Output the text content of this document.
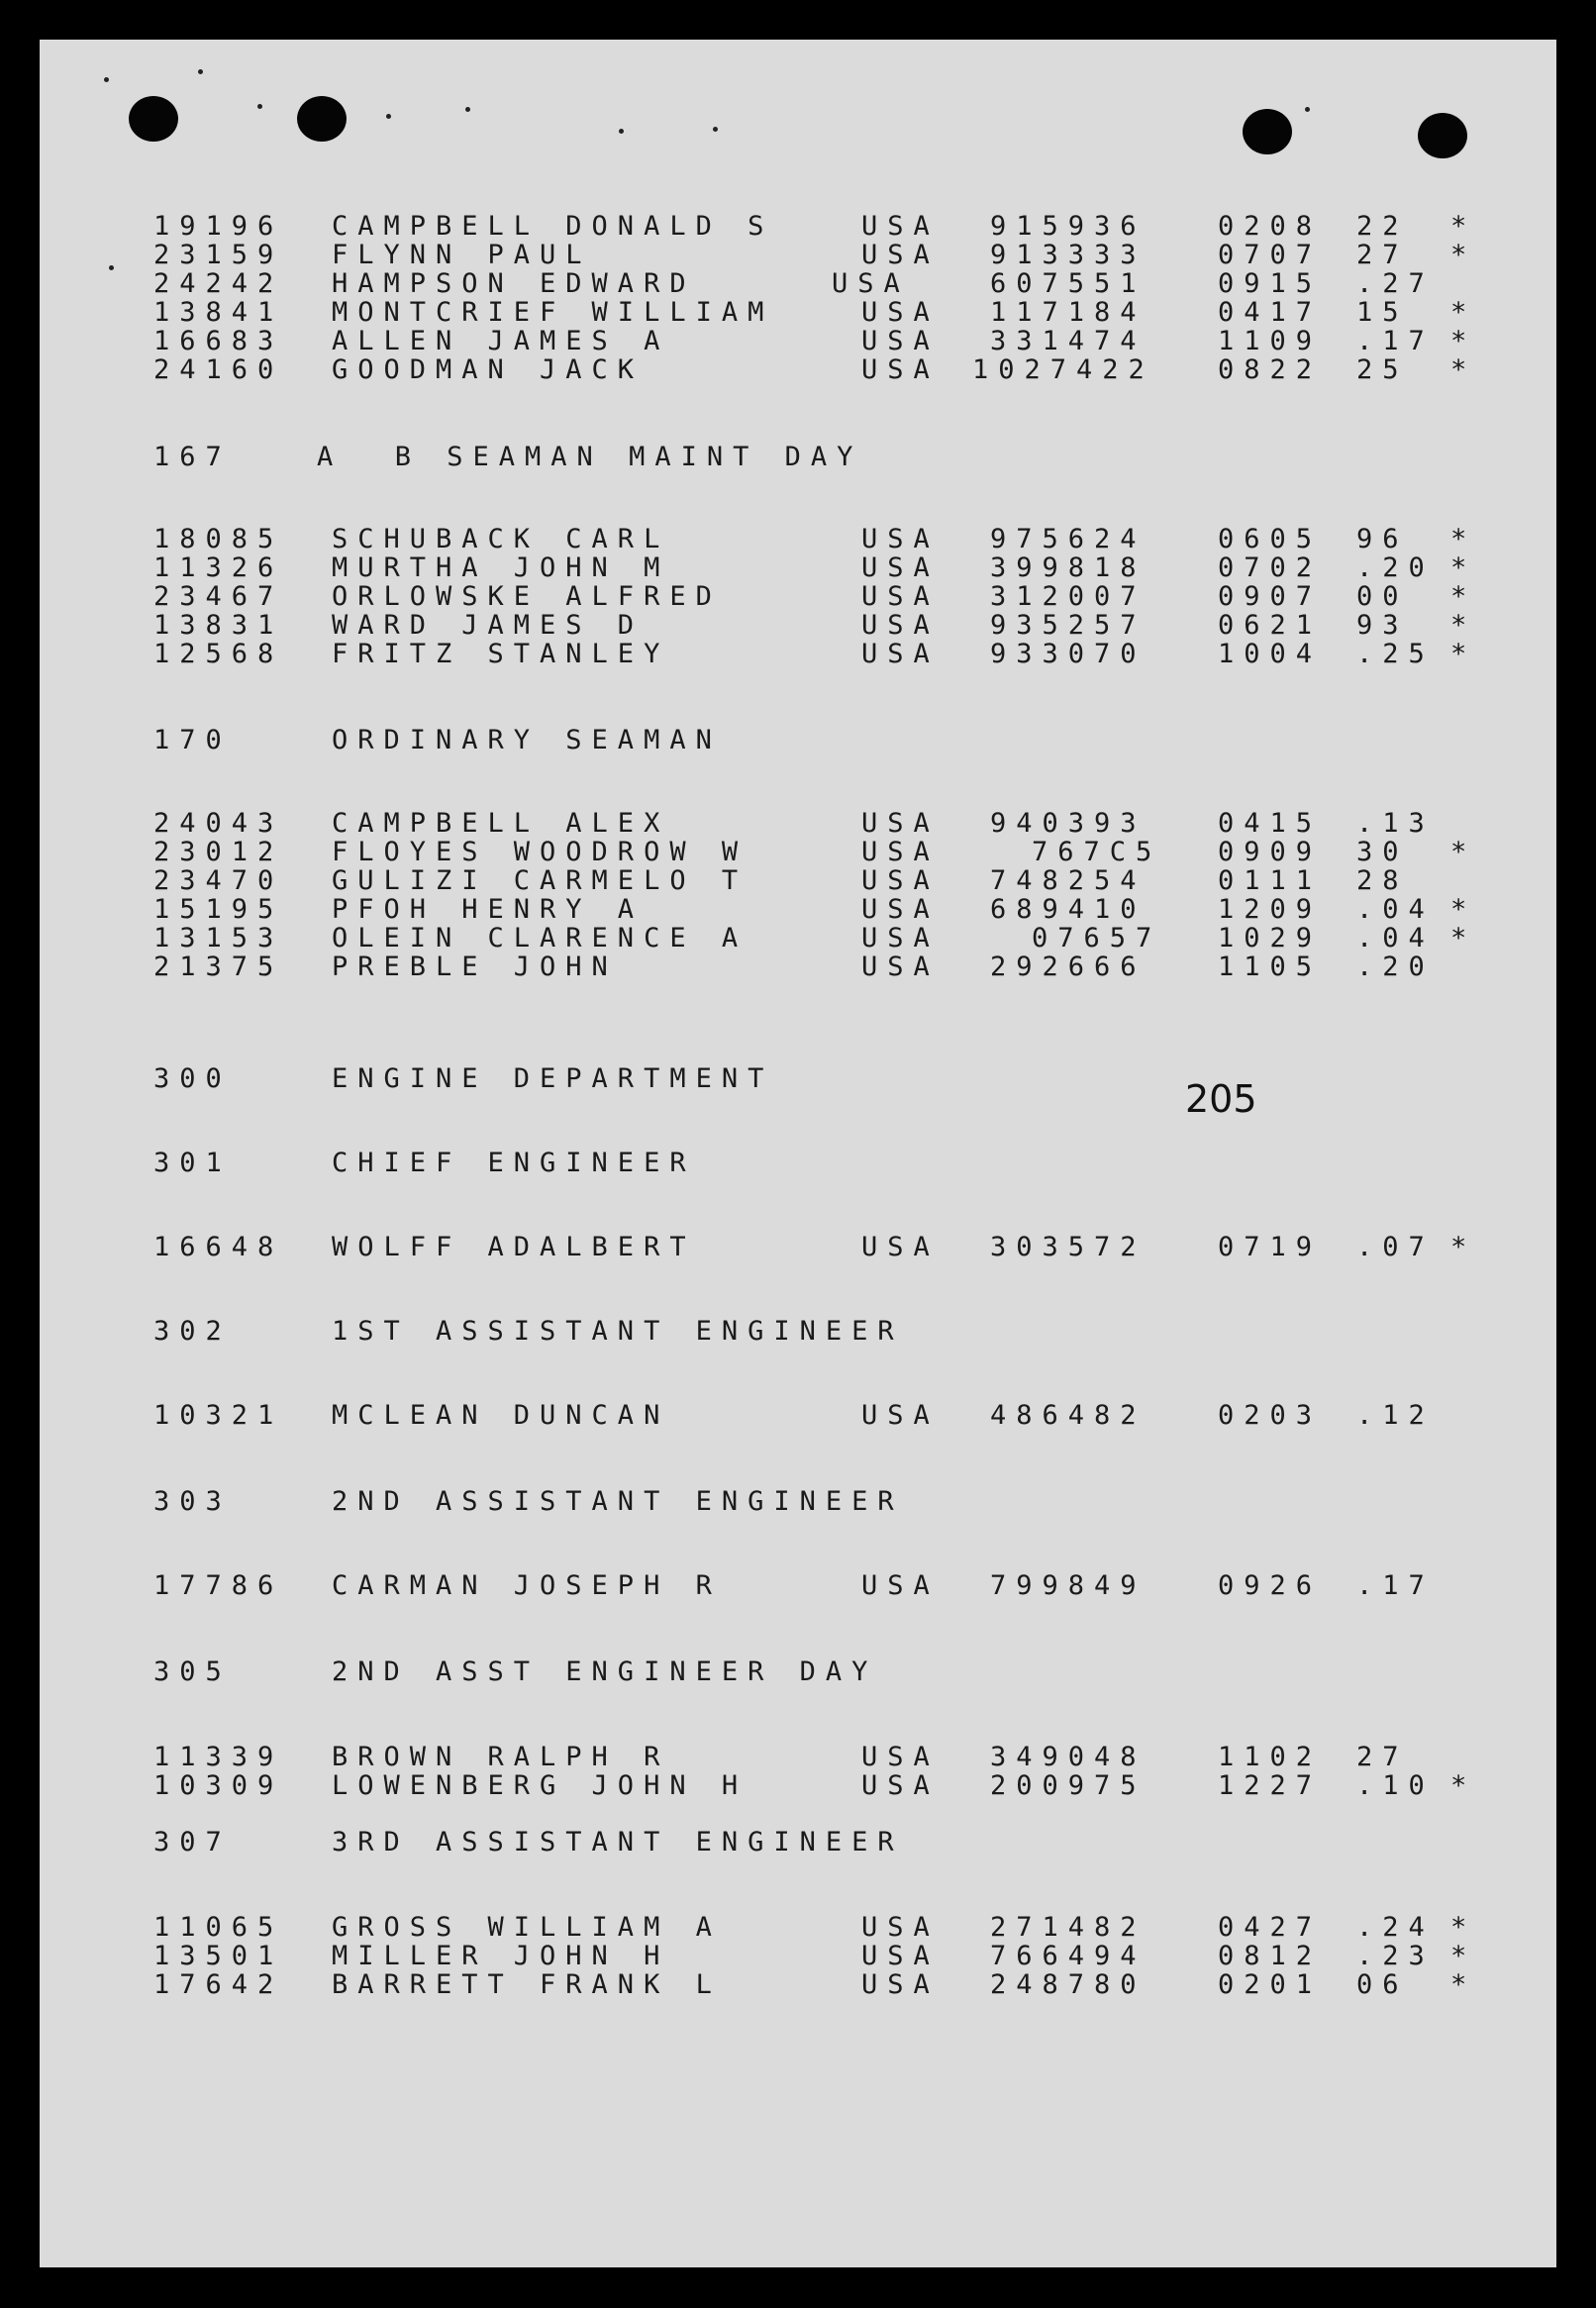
19196 CAMPBELL DONALD S	USA 915936	0208 22 *
23159 FLYNN PAUL	USA 913333	0707 27 *
24242 HAMPSON EDWARD	USA	607551	0915 .27
13841 MONTCRIEF WILLIAM	USA 117184	0417 15 *
16683 ALLEN JAMES A	USA 331474	1109 .17 *
24160 GOODMAN JACK	USA 1027422 0822 25 *
167	A  B SEAMAN MAINT DAY
18085 SCHUBACK CARL	USA 975624	0605 96 *
11326 MURTHA JOHN M	USA 399818	0702 .20 *
23467 ORLOWSKE ALFRED	USA 312007	0907 00 *
13831 WARD JAMES D	USA 935257	0621 93 *
12568 FRITZ STANLEY	USA 933070	1004 .25 *
170	ORDINARY SEAMAN
24043 CAMPBELL ALEX	USA 940393	0415 .13
23012 FLOYES WOODROW W	USA	767C5 0909 30 *
23470 GULIZI CARMELO T	USA 748254	0111 28
15195 PFOH HENRY A	USA 689410	1209 .04 *
13153 OLEIN CLARENCE A	USA	07657 1029 .04 *
21375 PREBLE JOHN	USA 292666	1105 .20
300	ENGINE DEPARTMENT	205
301	CHIEF ENGINEER
16648 WOLFF ADALBERT	USA 303572	0719 .07 *
302	1ST ASSISTANT ENGINEER
10321 MCLEAN DUNCAN	USA 486482	0203 .12
303	2ND ASSISTANT ENGINEER
17786 CARMAN JOSEPH R	USA 799849	0926 .17
305	2ND ASST ENGINEER DAY
11339 BROWN RALPH R	USA 349048	1102 27
10309 LOWENBERG JOHN H	USA 200975	1227 .10 *
307	3RD ASSISTANT ENGINEER
11065 GROSS WILLIAM A	USA 271482	0427 .24 *
13501 MILLER JOHN H	USA 766494	0812 .23 *
17642 BARRETT FRANK L	USA 248780	0201 06 *
